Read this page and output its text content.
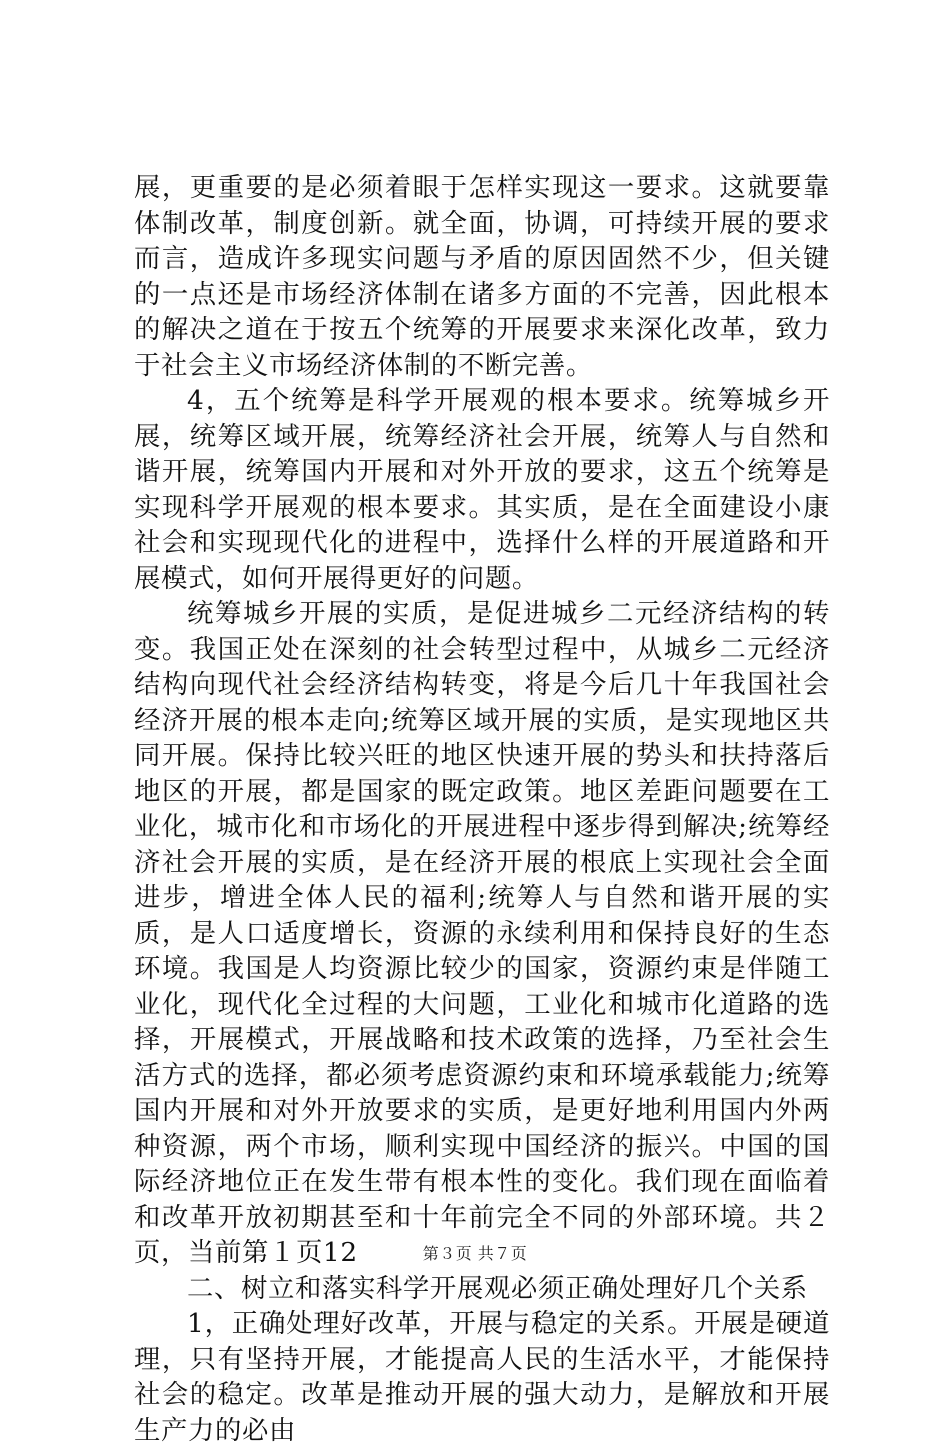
展，更重要的是必须着眼于怎样实现这一要求。这就要靠体制改革，制度创新。就全面，协调，可持续开展的要求而言，造成许多现实问题与矛盾的原因固然不少，但关键的一点还是市场经济体制在诸多方面的不完善，因此根本的解决之道在于按五个统筹的开展要求来深化改革，致力于社会主义市场经济体制的不断完善。

4，五个统筹是科学开展观的根本要求。统筹城乡开展，统筹区域开展，统筹经济社会开展，统筹人与自然和谐开展，统筹国内开展和对外开放的要求，这五个统筹是实现科学开展观的根本要求。其实质，是在全面建设小康社会和实现现代化的进程中，选择什么样的开展道路和开展模式，如何开展得更好的问题。

统筹城乡开展的实质，是促进城乡二元经济结构的转变。我国正处在深刻的社会转型过程中，从城乡二元经济结构向现代社会经济结构转变，将是今后几十年我国社会经济开展的根本走向;统筹区域开展的实质，是实现地区共同开展。保持比较兴旺的地区快速开展的势头和扶持落后地区的开展，都是国家的既定政策。地区差距问题要在工业化，城市化和市场化的开展进程中逐步得到解决;统筹经济社会开展的实质，是在经济开展的根底上实现社会全面进步，增进全体人民的福利;统筹人与自然和谐开展的实质，是人口适度增长，资源的永续利用和保持良好的生态环境。我国是人均资源比较少的国家，资源约束是伴随工业化，现代化全过程的大问题，工业化和城市化道路的选择，开展模式，开展战略和技术政策的选择，乃至社会生活方式的选择，都必须考虑资源约束和环境承载能力;统筹国内开展和对外开放要求的实质，是更好地利用国内外两种资源，两个市场，顺利实现中国经济的振兴。中国的国际经济地位正在发生带有根本性的变化。我们现在面临着和改革开放初期甚至和十年前完全不同的外部环境。共２页，当前第１页12

二、树立和落实科学开展观必须正确处理好几个关系

1，正确处理好改革，开展与稳定的关系。开展是硬道理，只有坚持开展，才能提高人民的生活水平，才能保持社会的稳定。改革是推动开展的强大动力，是解放和开展生产力的必由

第３页 共７页
